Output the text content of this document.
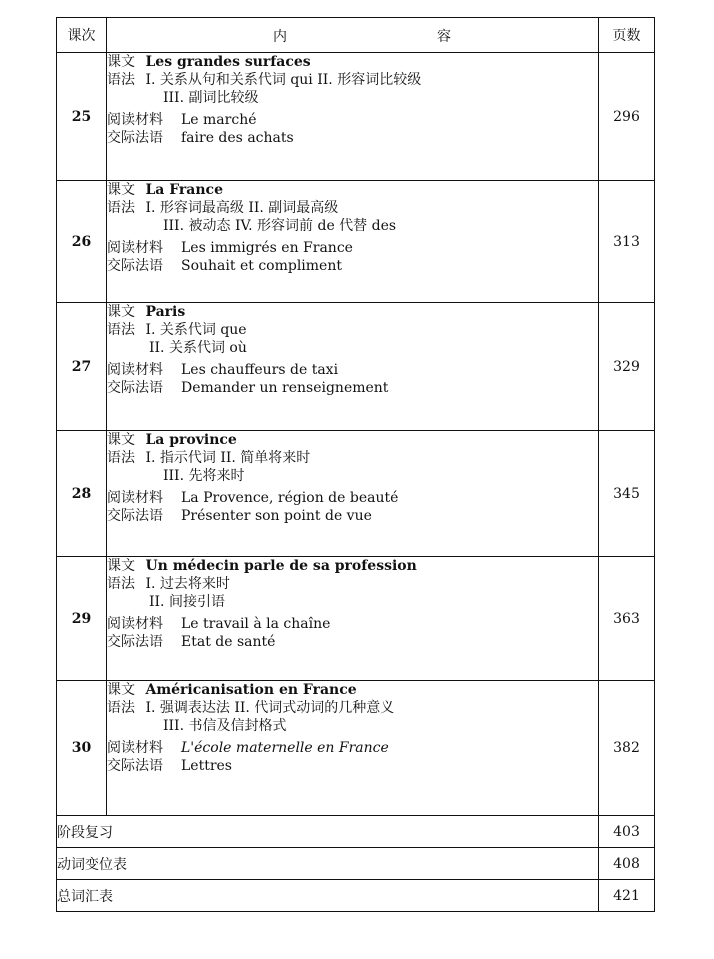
课次	内 容	页数
25	课文 Les grandes surfaces
语法 I. 关系从句和关系代词 qui II. 形容词比较级
III. 副词比较级
阅读材料 Le marché
交际法语 faire des achats	296
26	课文 La France
语法 I. 形容词最高级 II. 副词最高级
III. 被动态 IV. 形容词前 de 代替 des
阅读材料 Les immigrés en France
交际法语 Souhait et compliment	313
27	课文 Paris
语法 I. 关系代词 que
II. 关系代词 où
阅读材料 Les chauffeurs de taxi
交际法语 Demander un renseignement	329
28	课文 La province
语法 I. 指示代词 II. 简单将来时
III. 先将来时
阅读材料 La Provence, région de beauté
交际法语 Présenter son point de vue	345
29	课文 Un médecin parle de sa profession
语法 I. 过去将来时
II. 间接引语
阅读材料 Le travail à la chaîne
交际法语 Etat de santé	363
30	课文 Américanisation en France
语法 I. 强调表达法 II. 代词式动词的几种意义
III. 书信及信封格式
阅读材料 L'école maternelle en France
交际法语 Lettres	382
阶段复习		403
动词变位表		408
总词汇表		421
